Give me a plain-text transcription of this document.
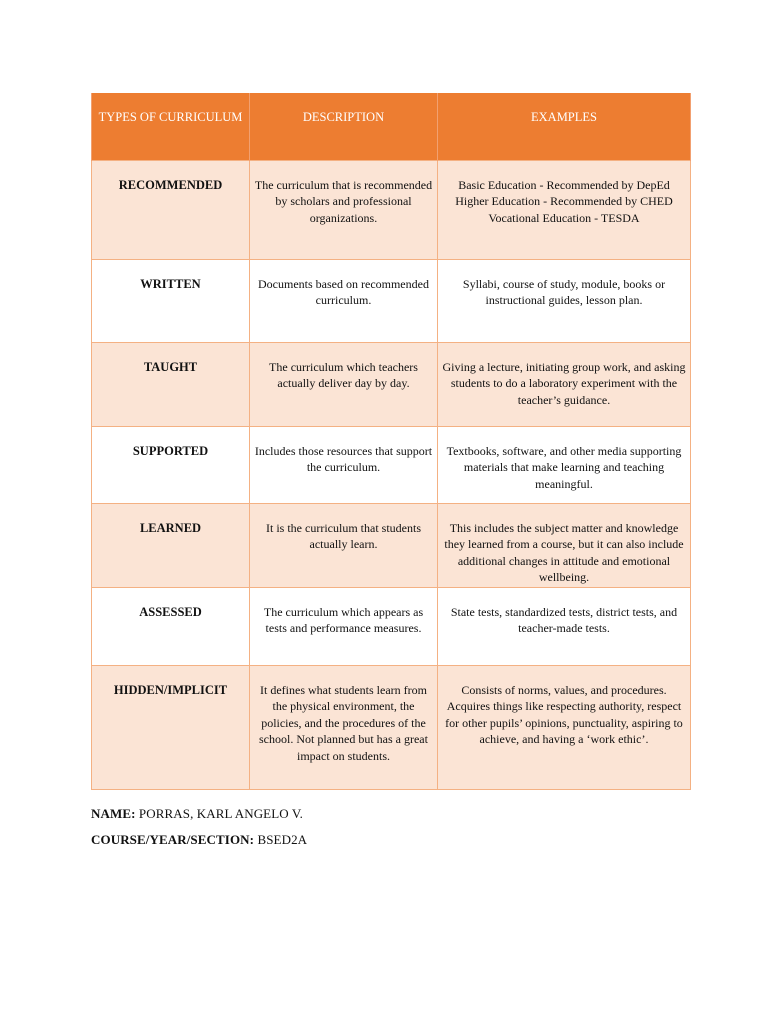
TYPES OF CURRICULUM	DESCRIPTION	EXAMPLES
RECOMMENDED	The curriculum that is recommended by scholars and professional organizations.	Basic Education - Recommended by DepEd
Higher Education - Recommended by CHED
Vocational Education - TESDA

WRITTEN	Documents based on recommended curriculum.	Syllabi, course of study, module, books or instructional guides, lesson plan.
TAUGHT	The curriculum which teachers actually deliver day by day.	Giving a lecture, initiating group work, and asking students to do a laboratory experiment with the teacher’s guidance.
SUPPORTED	Includes those resources that support the curriculum.	Textbooks, software, and other media supporting materials that make learning and teaching meaningful.
LEARNED	It is the curriculum that students actually learn.	This includes the subject matter and knowledge they learned from a course, but it can also include additional changes in attitude and emotional wellbeing.
ASSESSED	The curriculum which appears as tests and performance measures.	State tests, standardized tests, district tests, and teacher-made tests.
HIDDEN/IMPLICIT	It defines what students learn from the physical environment, the policies, and the procedures of the school. Not planned but has a great impact on students.	Consists of norms, values, and procedures. Acquires things like respecting authority, respect for other pupils’ opinions, punctuality, aspiring to achieve, and having a ‘work ethic’.
NAME: PORRAS, KARL ANGELO V.
COURSE/YEAR/SECTION: BSED2A
